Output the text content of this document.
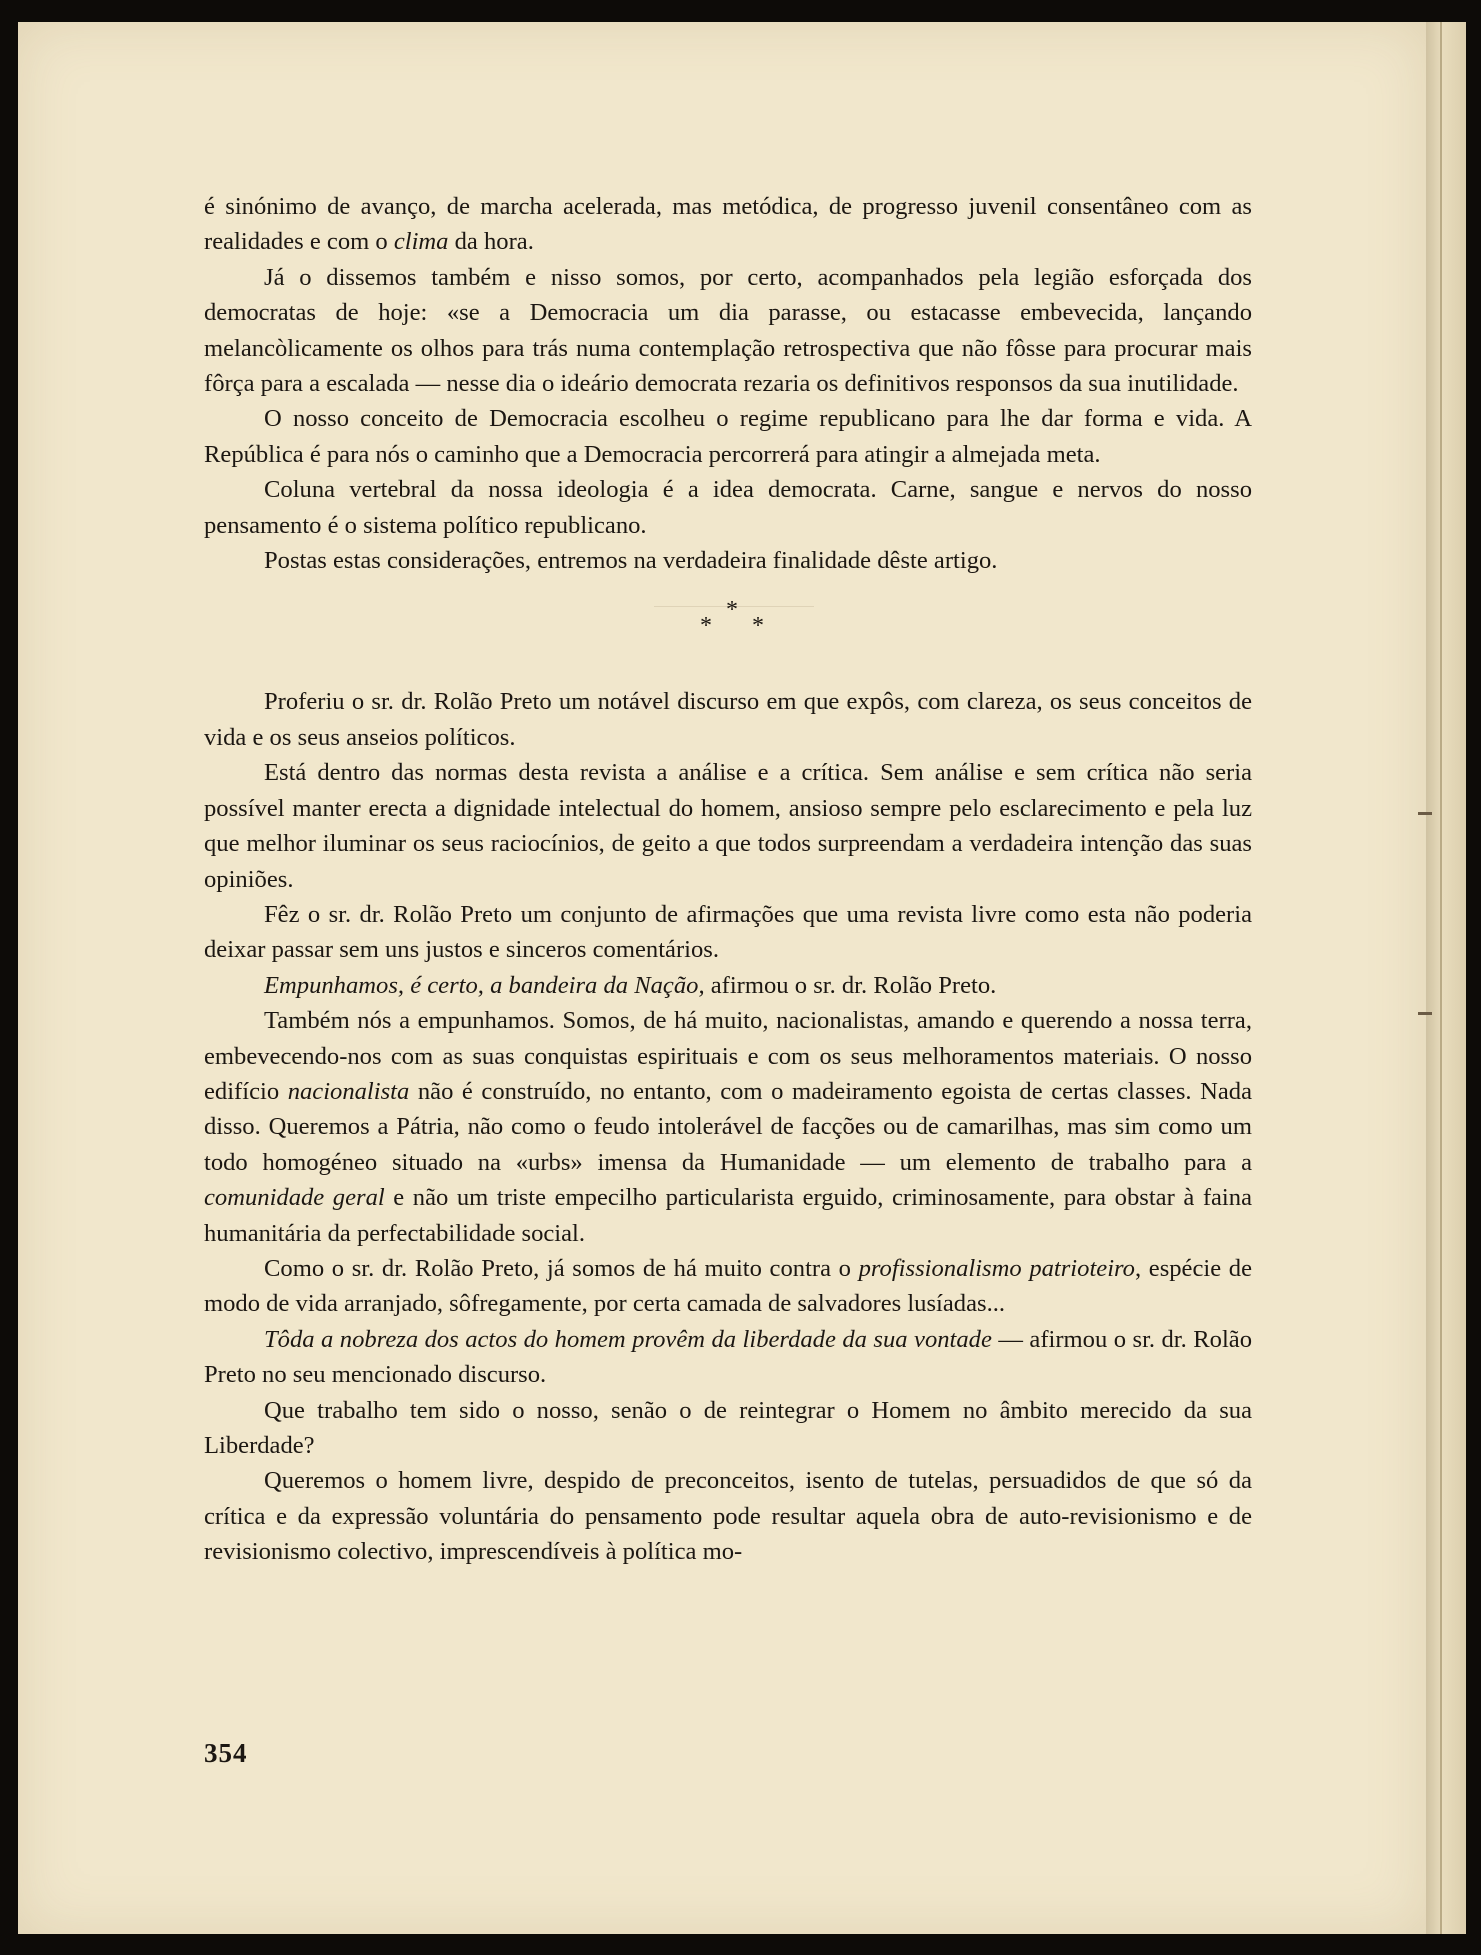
é sinónimo de avanço, de marcha acelerada, mas metódica, de progresso juvenil consentâneo com as realidades e com o clima da hora.

Já o dissemos também e nisso somos, por certo, acompanhados pela legião esforçada dos democratas de hoje: «se a Democracia um dia parasse, ou estacasse embevecida, lançando melancòlicamente os olhos para trás numa contemplação retrospectiva que não fôsse para procurar mais fôrça para a escalada — nesse dia o ideário democrata rezaria os definitivos responsos da sua inutilidade.

O nosso conceito de Democracia escolheu o regime republicano para lhe dar forma e vida. A República é para nós o caminho que a Democracia percorrerá para atingir a almejada meta.

Coluna vertebral da nossa ideologia é a idea democrata. Carne, sangue e nervos do nosso pensamento é o sistema político republicano.

Postas estas considerações, entremos na verdadeira finalidade dêste artigo.

*
* *

Proferiu o sr. dr. Rolão Preto um notável discurso em que expôs, com clareza, os seus conceitos de vida e os seus anseios políticos.

Está dentro das normas desta revista a análise e a crítica. Sem análise e sem crítica não seria possível manter erecta a dignidade intelectual do homem, ansioso sempre pelo esclarecimento e pela luz que melhor iluminar os seus raciocínios, de geito a que todos surpreendam a verdadeira intenção das suas opiniões.

Fêz o sr. dr. Rolão Preto um conjunto de afirmações que uma revista livre como esta não poderia deixar passar sem uns justos e sinceros comentários.

Empunhamos, é certo, a bandeira da Nação, afirmou o sr. dr. Rolão Preto.

Também nós a empunhamos. Somos, de há muito, nacionalistas, amando e querendo a nossa terra, embevecendo-nos com as suas conquistas espirituais e com os seus melhoramentos materiais. O nosso edifício nacionalista não é construído, no entanto, com o madeiramento egoista de certas classes. Nada disso. Queremos a Pátria, não como o feudo intolerável de facções ou de camarilhas, mas sim como um todo homogéneo situado na «urbs» imensa da Humanidade — um elemento de trabalho para a comunidade geral e não um triste empecilho particularista erguido, criminosamente, para obstar à faina humanitária da perfectabilidade social.

Como o sr. dr. Rolão Preto, já somos de há muito contra o profissionalismo patrioteiro, espécie de modo de vida arranjado, sôfregamente, por certa camada de salvadores lusíadas...

Tôda a nobreza dos actos do homem provêm da liberdade da sua vontade — afirmou o sr. dr. Rolão Preto no seu mencionado discurso.

Que trabalho tem sido o nosso, senão o de reintegrar o Homem no âmbito merecido da sua Liberdade?

Queremos o homem livre, despido de preconceitos, isento de tutelas, persuadidos de que só da crítica e da expressão voluntária do pensamento pode resultar aquela obra de auto-revisionismo e de revisionismo colectivo, imprescendíveis à política mo-

354
